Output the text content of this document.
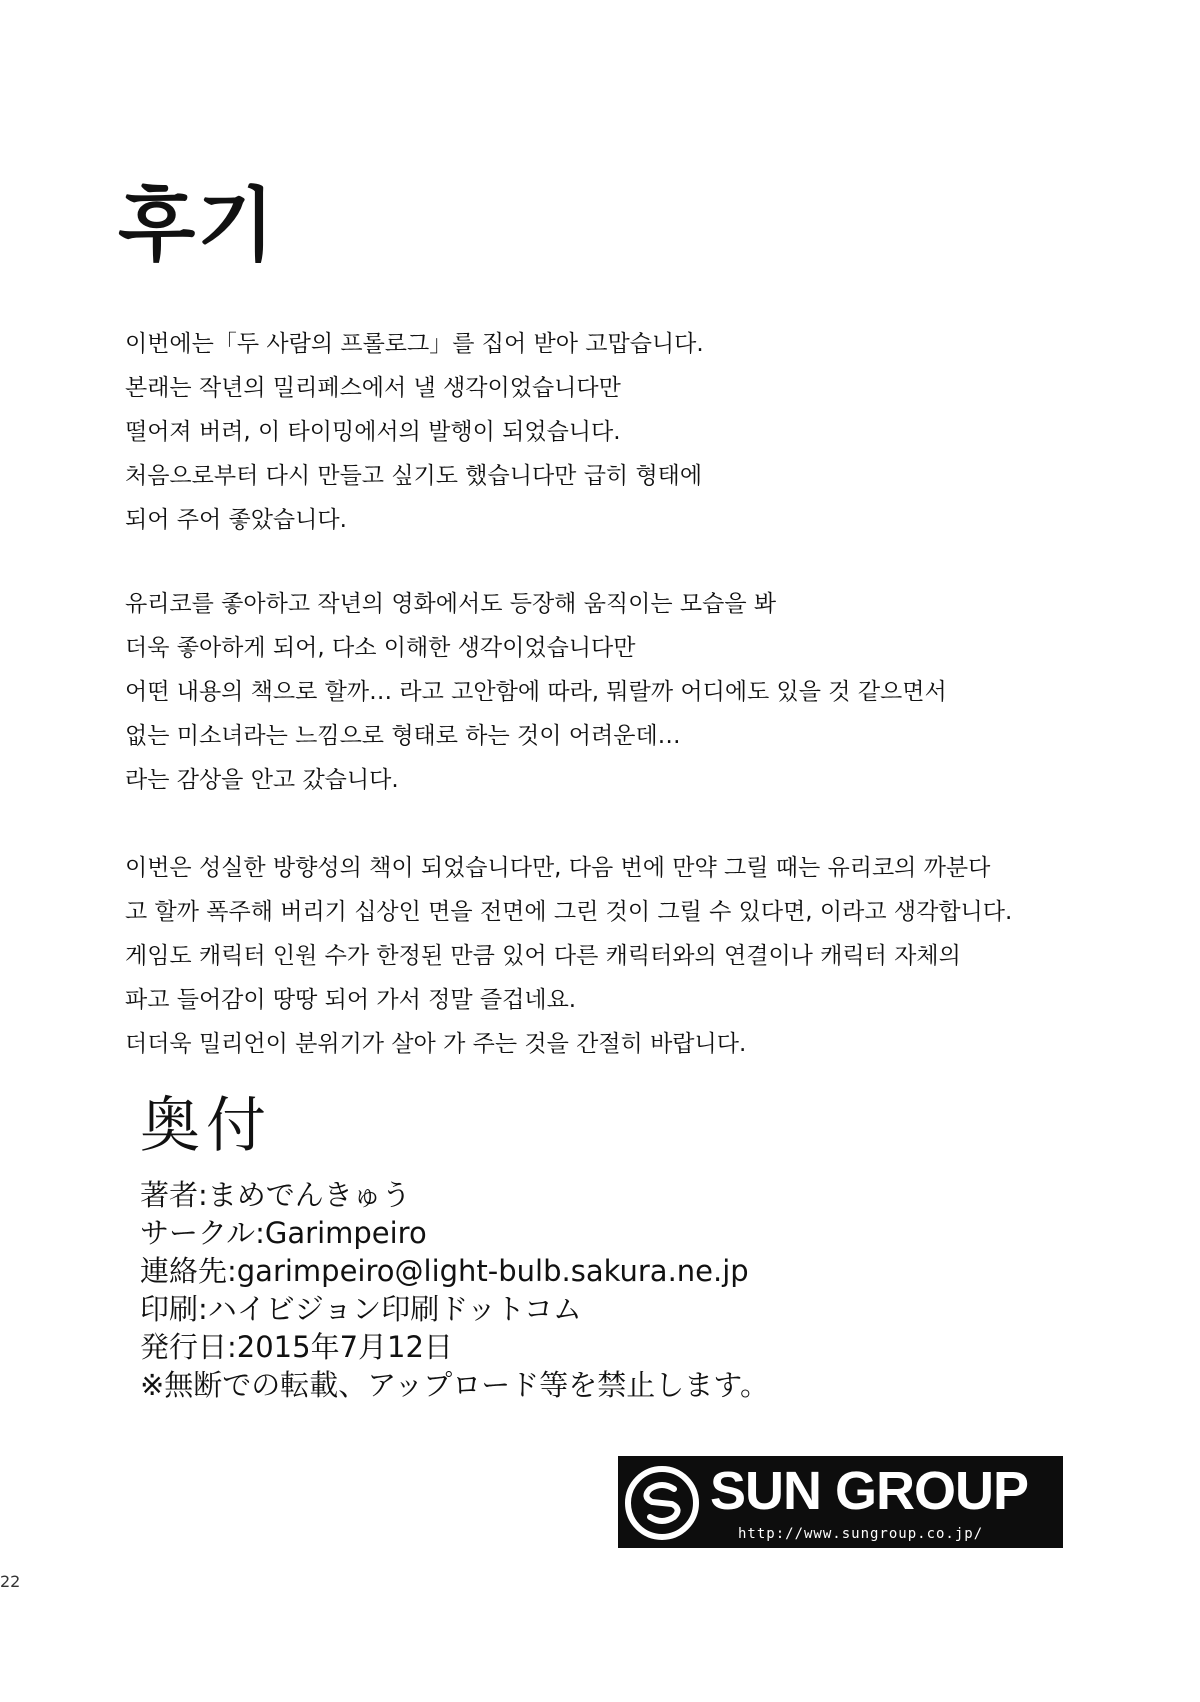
후기
이번에는「두 사람의 프롤로그」를 집어 받아 고맙습니다.
본래는 작년의 밀리페스에서 낼 생각이었습니다만
떨어져 버려, 이 타이밍에서의 발행이 되었습니다.
처음으로부터 다시 만들고 싶기도 했습니다만 급히 형태에
되어 주어 좋았습니다.
유리코를 좋아하고 작년의 영화에서도 등장해 움직이는 모습을 봐
더욱 좋아하게 되어, 다소 이해한 생각이었습니다만
어떤 내용의 책으로 할까… 라고 고안함에 따라, 뭐랄까 어디에도 있을 것 같으면서
없는 미소녀라는 느낌으로 형태로 하는 것이 어려운데…
라는 감상을 안고 갔습니다.
이번은 성실한 방향성의 책이 되었습니다만, 다음 번에 만약 그릴 때는 유리코의 까분다
고 할까 폭주해 버리기 십상인 면을 전면에 그린 것이 그릴 수 있다면, 이라고 생각합니다.
게임도 캐릭터 인원 수가 한정된 만큼 있어 다른 캐릭터와의 연결이나 캐릭터 자체의
파고 들어감이 땅땅 되어 가서 정말 즐겁네요.
더더욱 밀리언이 분위기가 살아 가 주는 것을 간절히 바랍니다.
奥付
著者:まめでんきゅう
サークル:Garimpeiro
連絡先:garimpeiro@light-bulb.sakura.ne.jp
印刷:ハイビジョン印刷ドットコム
発行日:2015年7月12日
※無断での転載、アップロード等を禁止します。
SUN GROUP
http://www.sungroup.co.jp/
22
